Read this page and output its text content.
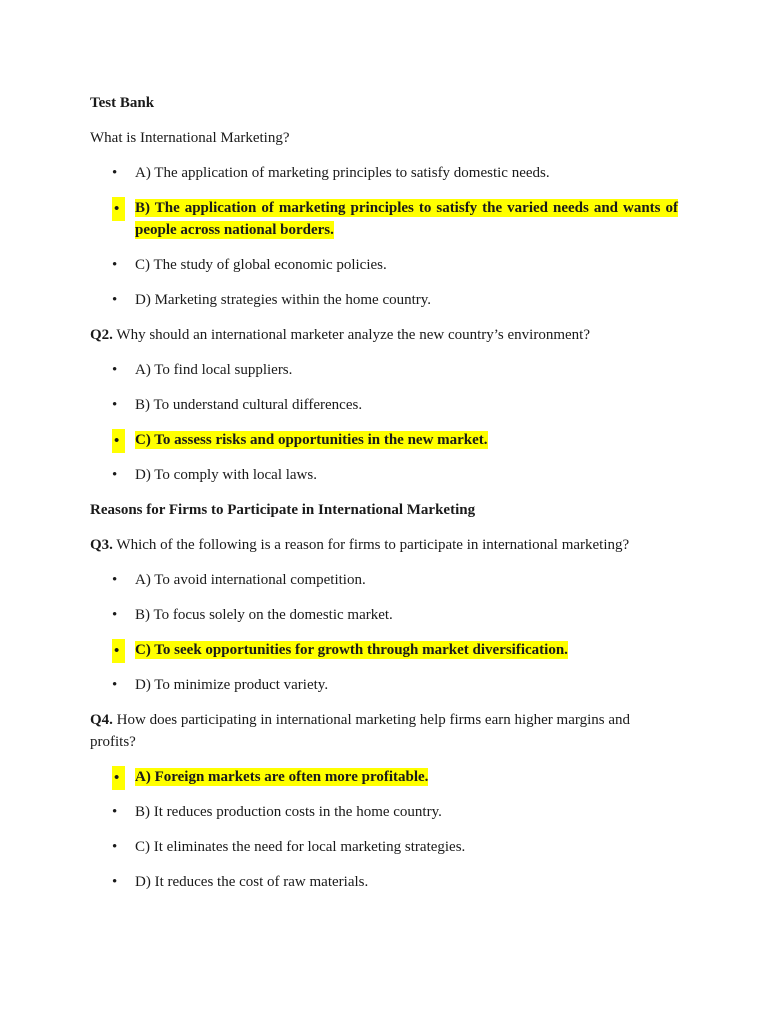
Test Bank
What is International Marketing?
• A) The application of marketing principles to satisfy domestic needs.
•	B) The application of marketing principles to satisfy the varied needs and wants of people across national borders.
• C) The study of global economic policies.
• D) Marketing strategies within the home country.
Q2. Why should an international marketer analyze the new country’s environment?
• A) To find local suppliers.
• B) To understand cultural differences.
•	C) To assess risks and opportunities in the new market.
• D) To comply with local laws.
Reasons for Firms to Participate in International Marketing
Q3. Which of the following is a reason for firms to participate in international marketing?
• A) To avoid international competition.
• B) To focus solely on the domestic market.
•	C) To seek opportunities for growth through market diversification.
• D) To minimize product variety.
Q4. How does participating in international marketing help firms earn higher margins and profits?
•	A) Foreign markets are often more profitable.
• B) It reduces production costs in the home country.
• C) It eliminates the need for local marketing strategies.
• D) It reduces the cost of raw materials.
